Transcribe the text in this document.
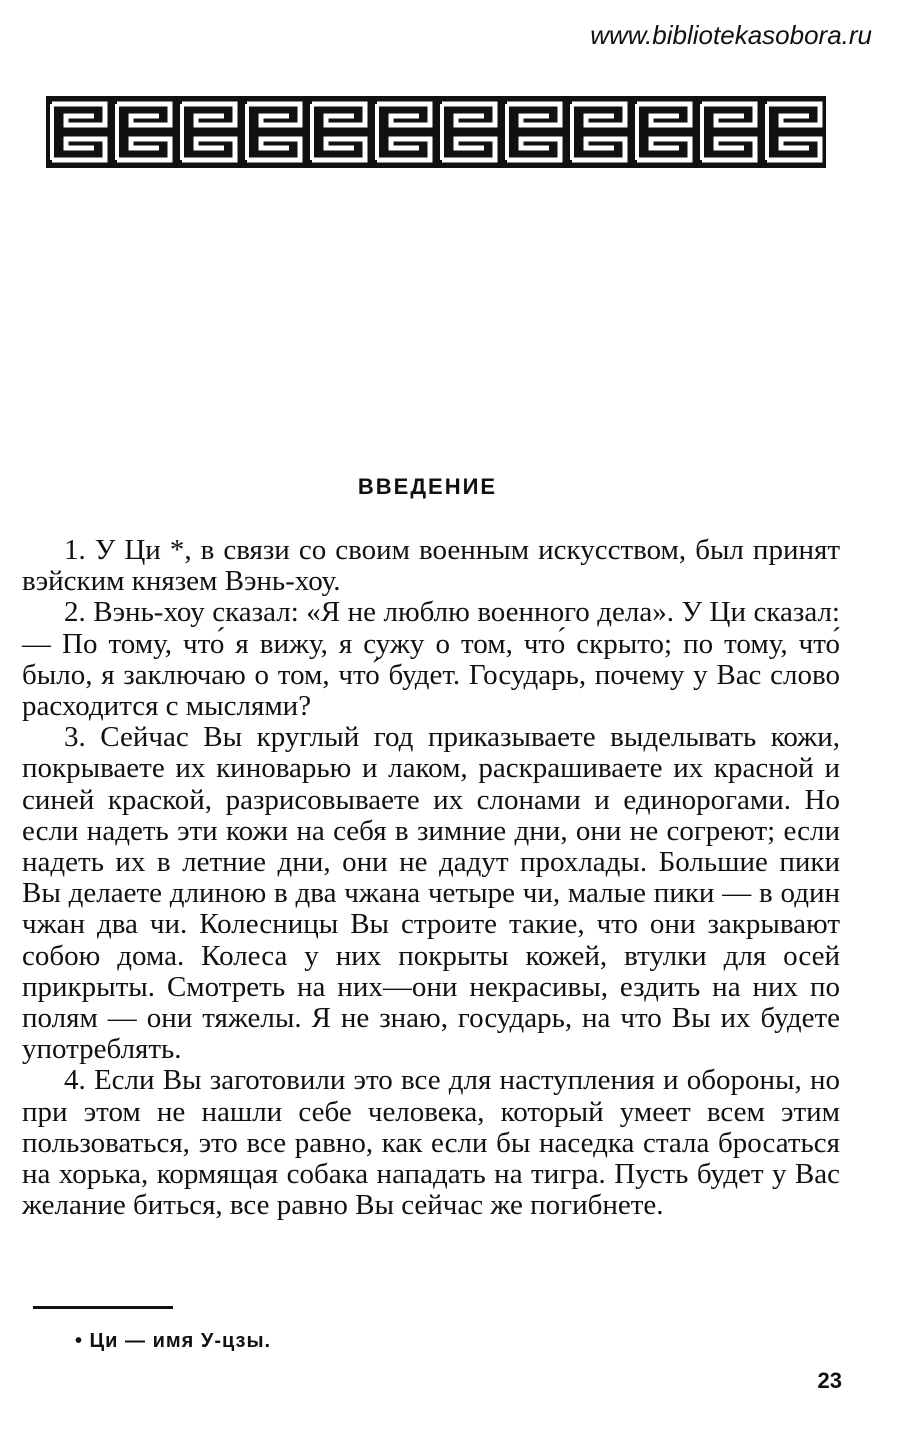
www.bibliotekasobora.ru
ВВЕДЕНИЕ

1. У Ци *, в связи со своим военным искусством, был принят вэйским князем Вэнь-хоу.

2. Вэнь-хоу сказал: «Я не люблю военного дела». У Ци сказал: — По тому, что́ я вижу, я сужу о том, что́ скрыто; по тому, что́ было, я заключаю о том, что́ будет. Государь, почему у Вас слово расходится с мыслями?

3. Сейчас Вы круглый год приказываете выделывать кожи, покрываете их киноварью и лаком, раскрашиваете их красной и синей краской, разрисовываете их слонами и единорогами. Но если надеть эти кожи на себя в зимние дни, они не согреют; если надеть их в летние дни, они не дадут прохлады. Большие пики Вы делаете длиною в два чжана четыре чи, малые пики — в один чжан два чи. Колесницы Вы строите такие, что они закрывают собою дома. Колеса у них покрыты кожей, втулки для осей прикрыты. Смотреть на них—они некрасивы, ездить на них по полям — они тяжелы. Я не знаю, государь, на что Вы их будете употреблять.

4. Если Вы заготовили это все для наступления и обороны, но при этом не нашли себе человека, который умеет всем этим пользоваться, это все равно, как если бы наседка стала бросаться на хорька, кормящая собака нападать на тигра. Пусть будет у Вас желание биться, все равно Вы сейчас же погибнете.

• Ци — имя У-цзы.
23
